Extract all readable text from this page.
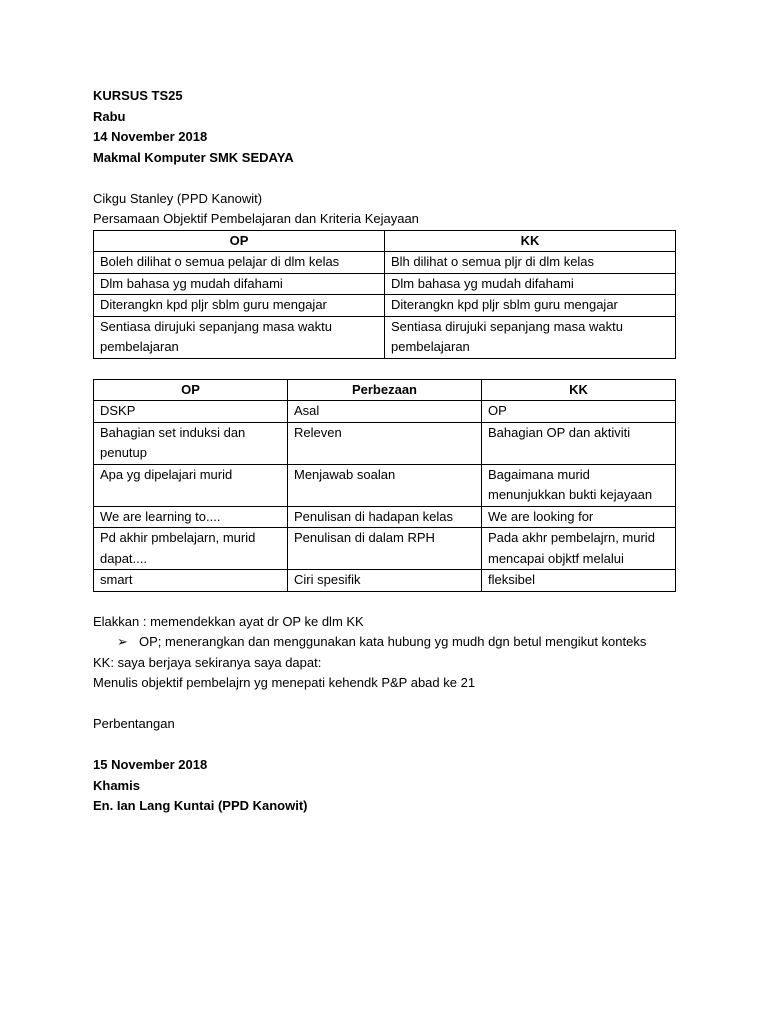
KURSUS TS25
Rabu
14 November 2018
Makmal Komputer SMK SEDAYA
Cikgu Stanley (PPD Kanowit)
Persamaan Objektif Pembelajaran dan Kriteria Kejayaan
OP	KK
Boleh dilihat o semua pelajar di dlm kelas	Blh dilihat o semua pljr di dlm kelas
Dlm bahasa yg mudah difahami	Dlm bahasa yg mudah difahami
Diterangkn kpd pljr sblm guru mengajar	Diterangkn kpd pljr sblm guru mengajar
Sentiasa dirujuki sepanjang masa waktu pembelajaran	Sentiasa dirujuki sepanjang masa waktu pembelajaran
OP	Perbezaan	KK
DSKP	Asal	OP
Bahagian set induksi dan penutup	Releven	Bahagian OP dan aktiviti
Apa yg dipelajari murid	Menjawab soalan	Bagaimana murid menunjukkan bukti kejayaan
We are learning to....	Penulisan di hadapan kelas	We are looking for
Pd akhir pmbelajarn, murid dapat....	Penulisan di dalam RPH	Pada akhr pembelajrn, murid mencapai objktf melalui
smart	Ciri spesifik	fleksibel
Elakkan : memendekkan ayat dr OP ke dlm KK
➢ OP; menerangkan dan menggunakan kata hubung yg mudh dgn betul mengikut konteks
KK: saya berjaya sekiranya saya dapat:
Menulis objektif pembelajrn yg menepati kehendk P&P abad ke 21
Perbentangan
15 November 2018
Khamis
En. Ian Lang Kuntai (PPD Kanowit)
